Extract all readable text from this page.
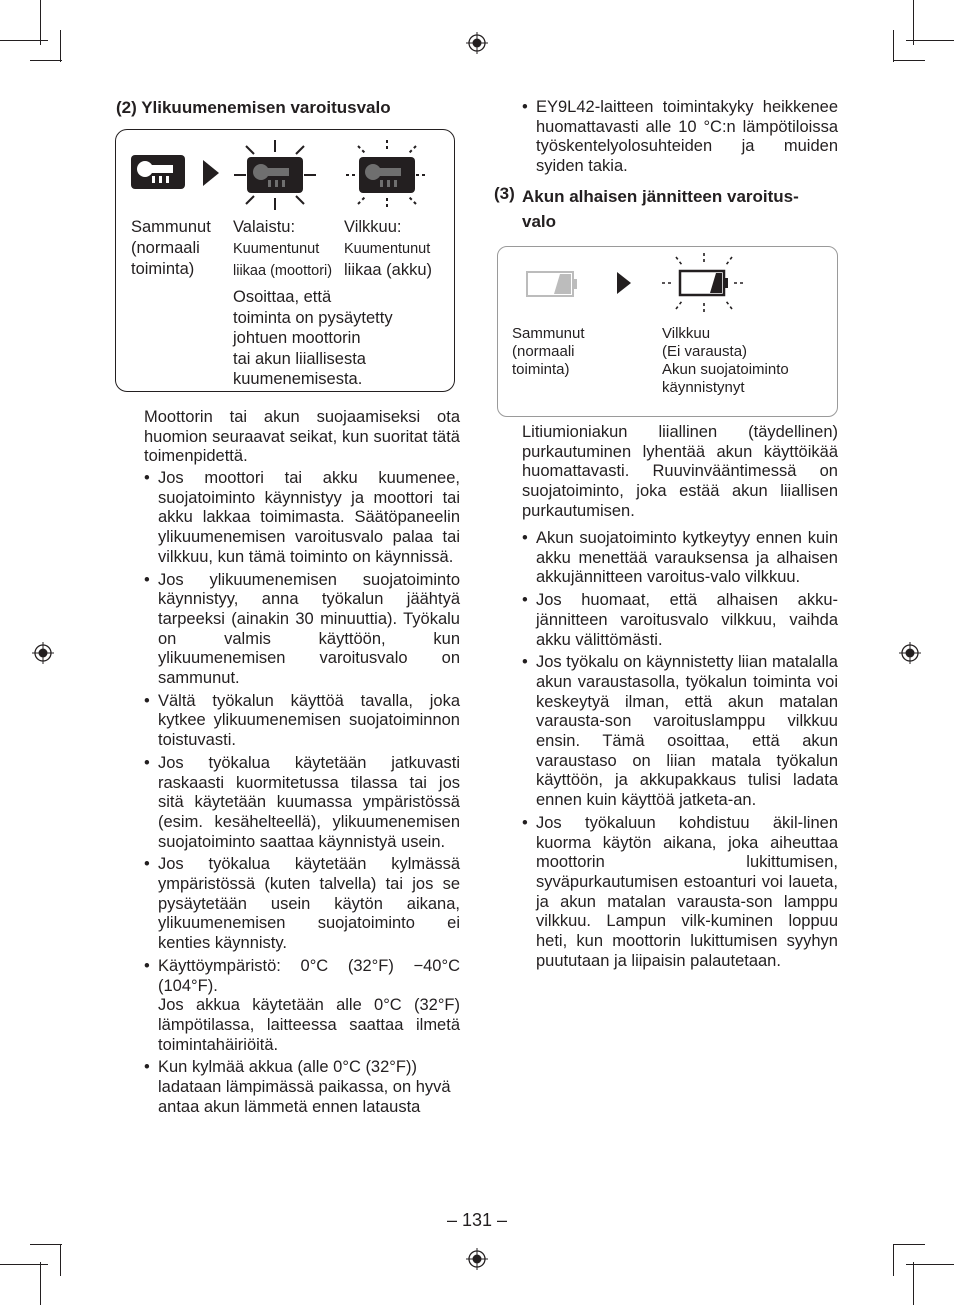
(2) Ylikuumenemisen varoitusvalo
Sammunut
(normaali
toiminta)
Valaistu:
Kuumentunut
liikaa (moottori)
Vilkkuu:
Kuumentunut
liikaa (akku)
Osoittaa, että
toiminta on pysäytetty
johtuen moottorin
tai akun liiallisesta
kuumenemisesta.
Moottorin tai akun suojaamiseksi ota huomion seuraavat seikat, kun suoritat tätä toimenpidettä.
• Jos moottori tai akku kuumenee, suojatoiminto käynnistyy ja moottori tai akku lakkaa toimimasta. Säätöpaneelin ylikuumenemisen varoitusvalo palaa tai vilkkuu, kun tämä toiminto on käynnissä.
• Jos ylikuumenemisen suojatoiminto käynnistyy, anna työkalun jäähtyä tarpeeksi (ainakin 30 minuuttia). Työkalu on valmis käyttöön, kun ylikuumenemisen varoitusvalo on sammunut.
• Vältä työkalun käyttöä tavalla, joka kytkee ylikuumenemisen suojatoiminnon toistuvasti.
• Jos työkalua käytetään jatkuvasti raskaasti kuormitetussa tilassa tai jos sitä käytetään kuumassa ympäristössä (esim. kesähelteellä), ylikuumenemisen suojatoiminto saattaa käynnistyä usein.
• Jos työkalua käytetään kylmässä ympäristössä (kuten talvella) tai jos se pysäytetään usein käytön aikana, ylikuumenemisen suojatoiminto ei kenties käynnisty.
• Käyttöympäristö: 0°C (32°F) −40°C (104°F).
Jos akkua käytetään alle 0°C (32°F) lämpötilassa, laitteessa saattaa ilmetä toimintahäiriöitä.
• Kun kylmää akkua (alle 0°C (32°F)) ladataan lämpimässä paikassa, on hyvä antaa akun lämmetä ennen latausta
• EY9L42-laitteen toimintakyky heikkenee huomattavasti alle 10 °C:n lämpötiloissa työskentelyolosuhteiden ja muiden syiden takia.
(3) Akun alhaisen jännitteen varoitus-
valo
Sammunut
(normaali
toiminta)
Vilkkuu
(Ei varausta)
Akun suojatoiminto
käynnistynyt
Litiumioniakun liiallinen (täydellinen) purkautuminen lyhentää akun käyttöikää huomattavasti. Ruuvinvääntimessä on suojatoiminto, joka estää akun liiallisen purkautumisen.
• Akun suojatoiminto kytkeytyy ennen kuin akku menettää varauksensa ja alhaisen akkujännitteen varoitus-valo vilkkuu.
• Jos huomaat, että alhaisen akku-jännitteen varoitusvalo vilkkuu, vaihda akku välittömästi.
• Jos työkalu on käynnistetty liian matalalla akun varaustasolla, työkalun toiminta voi keskeytyä ilman, että akun matalan varausta-son varoituslamppu vilkkuu ensin. Tämä osoittaa, että akun varaustaso on liian matala työkalun käyttöön, ja akkupakkaus tulisi ladata ennen kuin käyttöä jatketa-an.
• Jos työkaluun kohdistuu äkil-linen kuorma käytön aikana, joka aiheuttaa moottorin lukittumisen, syväpurkautumisen estoanturi voi laueta, ja akun matalan varausta-son lamppu vilkkuu. Lampun vilk-kuminen loppuu heti, kun moottorin lukittumisen syyhyn puututaan ja liipaisin palautetaan.
– 131 –
